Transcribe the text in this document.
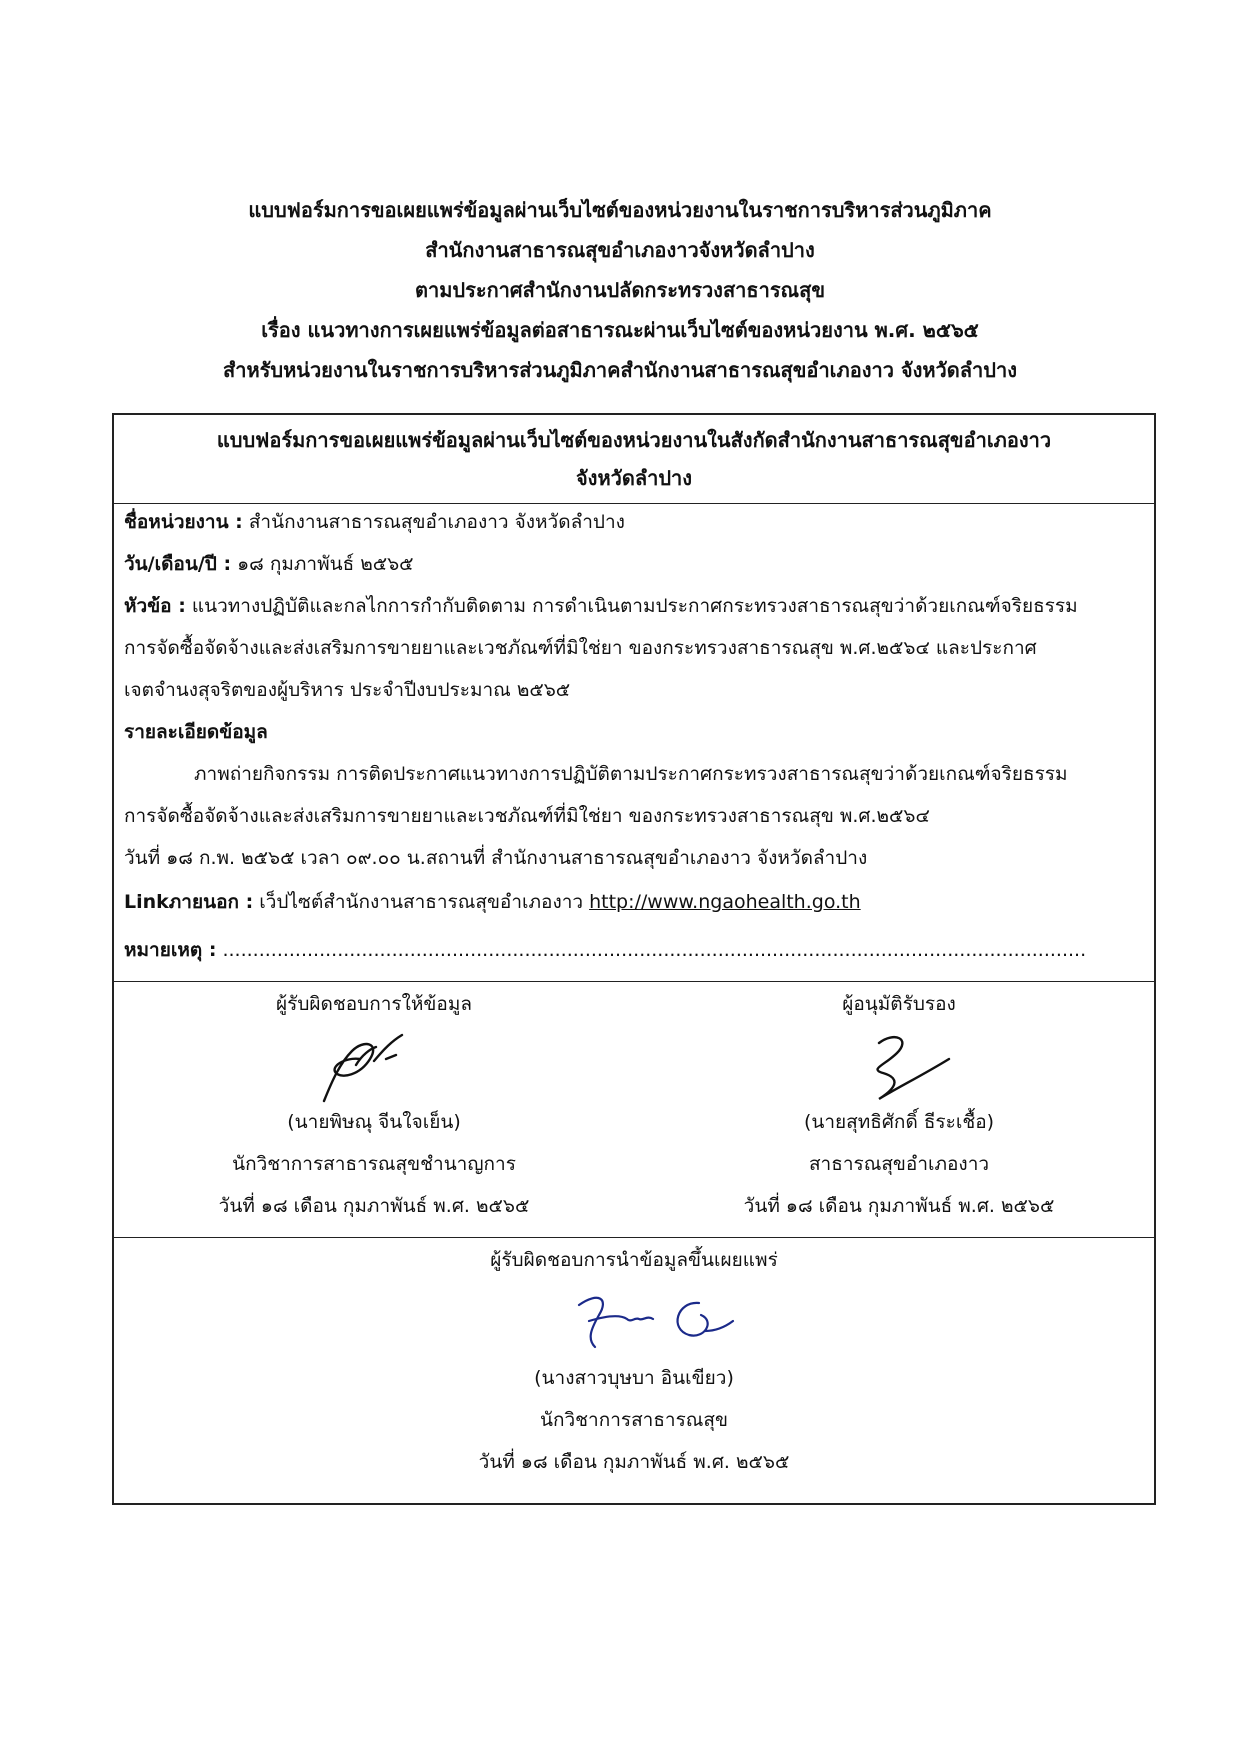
แบบฟอร์มการขอเผยแพร่ข้อมูลผ่านเว็บไซต์ของหน่วยงานในราชการบริหารส่วนภูมิภาค
สำนักงานสาธารณสุขอำเภองาวจังหวัดลำปาง
ตามประกาศสำนักงานปลัดกระทรวงสาธารณสุข
เรื่อง แนวทางการเผยแพร่ข้อมูลต่อสาธารณะผ่านเว็บไซต์ของหน่วยงาน พ.ศ. ๒๕๖๕
สำหรับหน่วยงานในราชการบริหารส่วนภูมิภาคสำนักงานสาธารณสุขอำเภองาว จังหวัดลำปาง
แบบฟอร์มการขอเผยแพร่ข้อมูลผ่านเว็บไซต์ของหน่วยงานในสังกัดสำนักงานสาธารณสุขอำเภองาว
จังหวัดลำปาง
ชื่อหน่วยงาน : สำนักงานสาธารณสุขอำเภองาว จังหวัดลำปาง
วัน/เดือน/ปี : ๑๘ กุมภาพันธ์ ๒๕๖๕
หัวข้อ : แนวทางปฏิบัติและกลไกการกำกับติดตาม การดำเนินตามประกาศกระทรวงสาธารณสุขว่าด้วยเกณฑ์จริยธรรม
การจัดซื้อจัดจ้างและส่งเสริมการขายยาและเวชภัณฑ์ที่มิใช่ยา ของกระทรวงสาธารณสุข พ.ศ.๒๕๖๔ และประกาศ
เจตจำนงสุจริตของผู้บริหาร ประจำปีงบประมาณ ๒๕๖๕
รายละเอียดข้อมูล
ภาพถ่ายกิจกรรม การติดประกาศแนวทางการปฏิบัติตามประกาศกระทรวงสาธารณสุขว่าด้วยเกณฑ์จริยธรรม
การจัดซื้อจัดจ้างและส่งเสริมการขายยาและเวชภัณฑ์ที่มิใช่ยา ของกระทรวงสาธารณสุข พ.ศ.๒๕๖๔
วันที่ ๑๘ ก.พ. ๒๕๖๕ เวลา ๐๙.๐๐ น.สถานที่ สำนักงานสาธารณสุขอำเภองาว จังหวัดลำปาง
Linkภายนอก : เว็ปไซต์สำนักงานสาธารณสุขอำเภองาว http://www.ngaohealth.go.th
หมายเหตุ : ...............................................................................................................................................
ผู้รับผิดชอบการให้ข้อมูล
(นายพิษณุ จีนใจเย็น)
นักวิชาการสาธารณสุขชำนาญการ
วันที่ ๑๘ เดือน กุมภาพันธ์ พ.ศ. ๒๕๖๕
ผู้อนุมัติรับรอง
(นายสุทธิศักดิ์ ธีระเชื้อ)
สาธารณสุขอำเภองาว
วันที่ ๑๘ เดือน กุมภาพันธ์ พ.ศ. ๒๕๖๕
ผู้รับผิดชอบการนำข้อมูลขึ้นเผยแพร่
(นางสาวบุษบา อินเขียว)
นักวิชาการสาธารณสุข
วันที่ ๑๘ เดือน กุมภาพันธ์ พ.ศ. ๒๕๖๕
